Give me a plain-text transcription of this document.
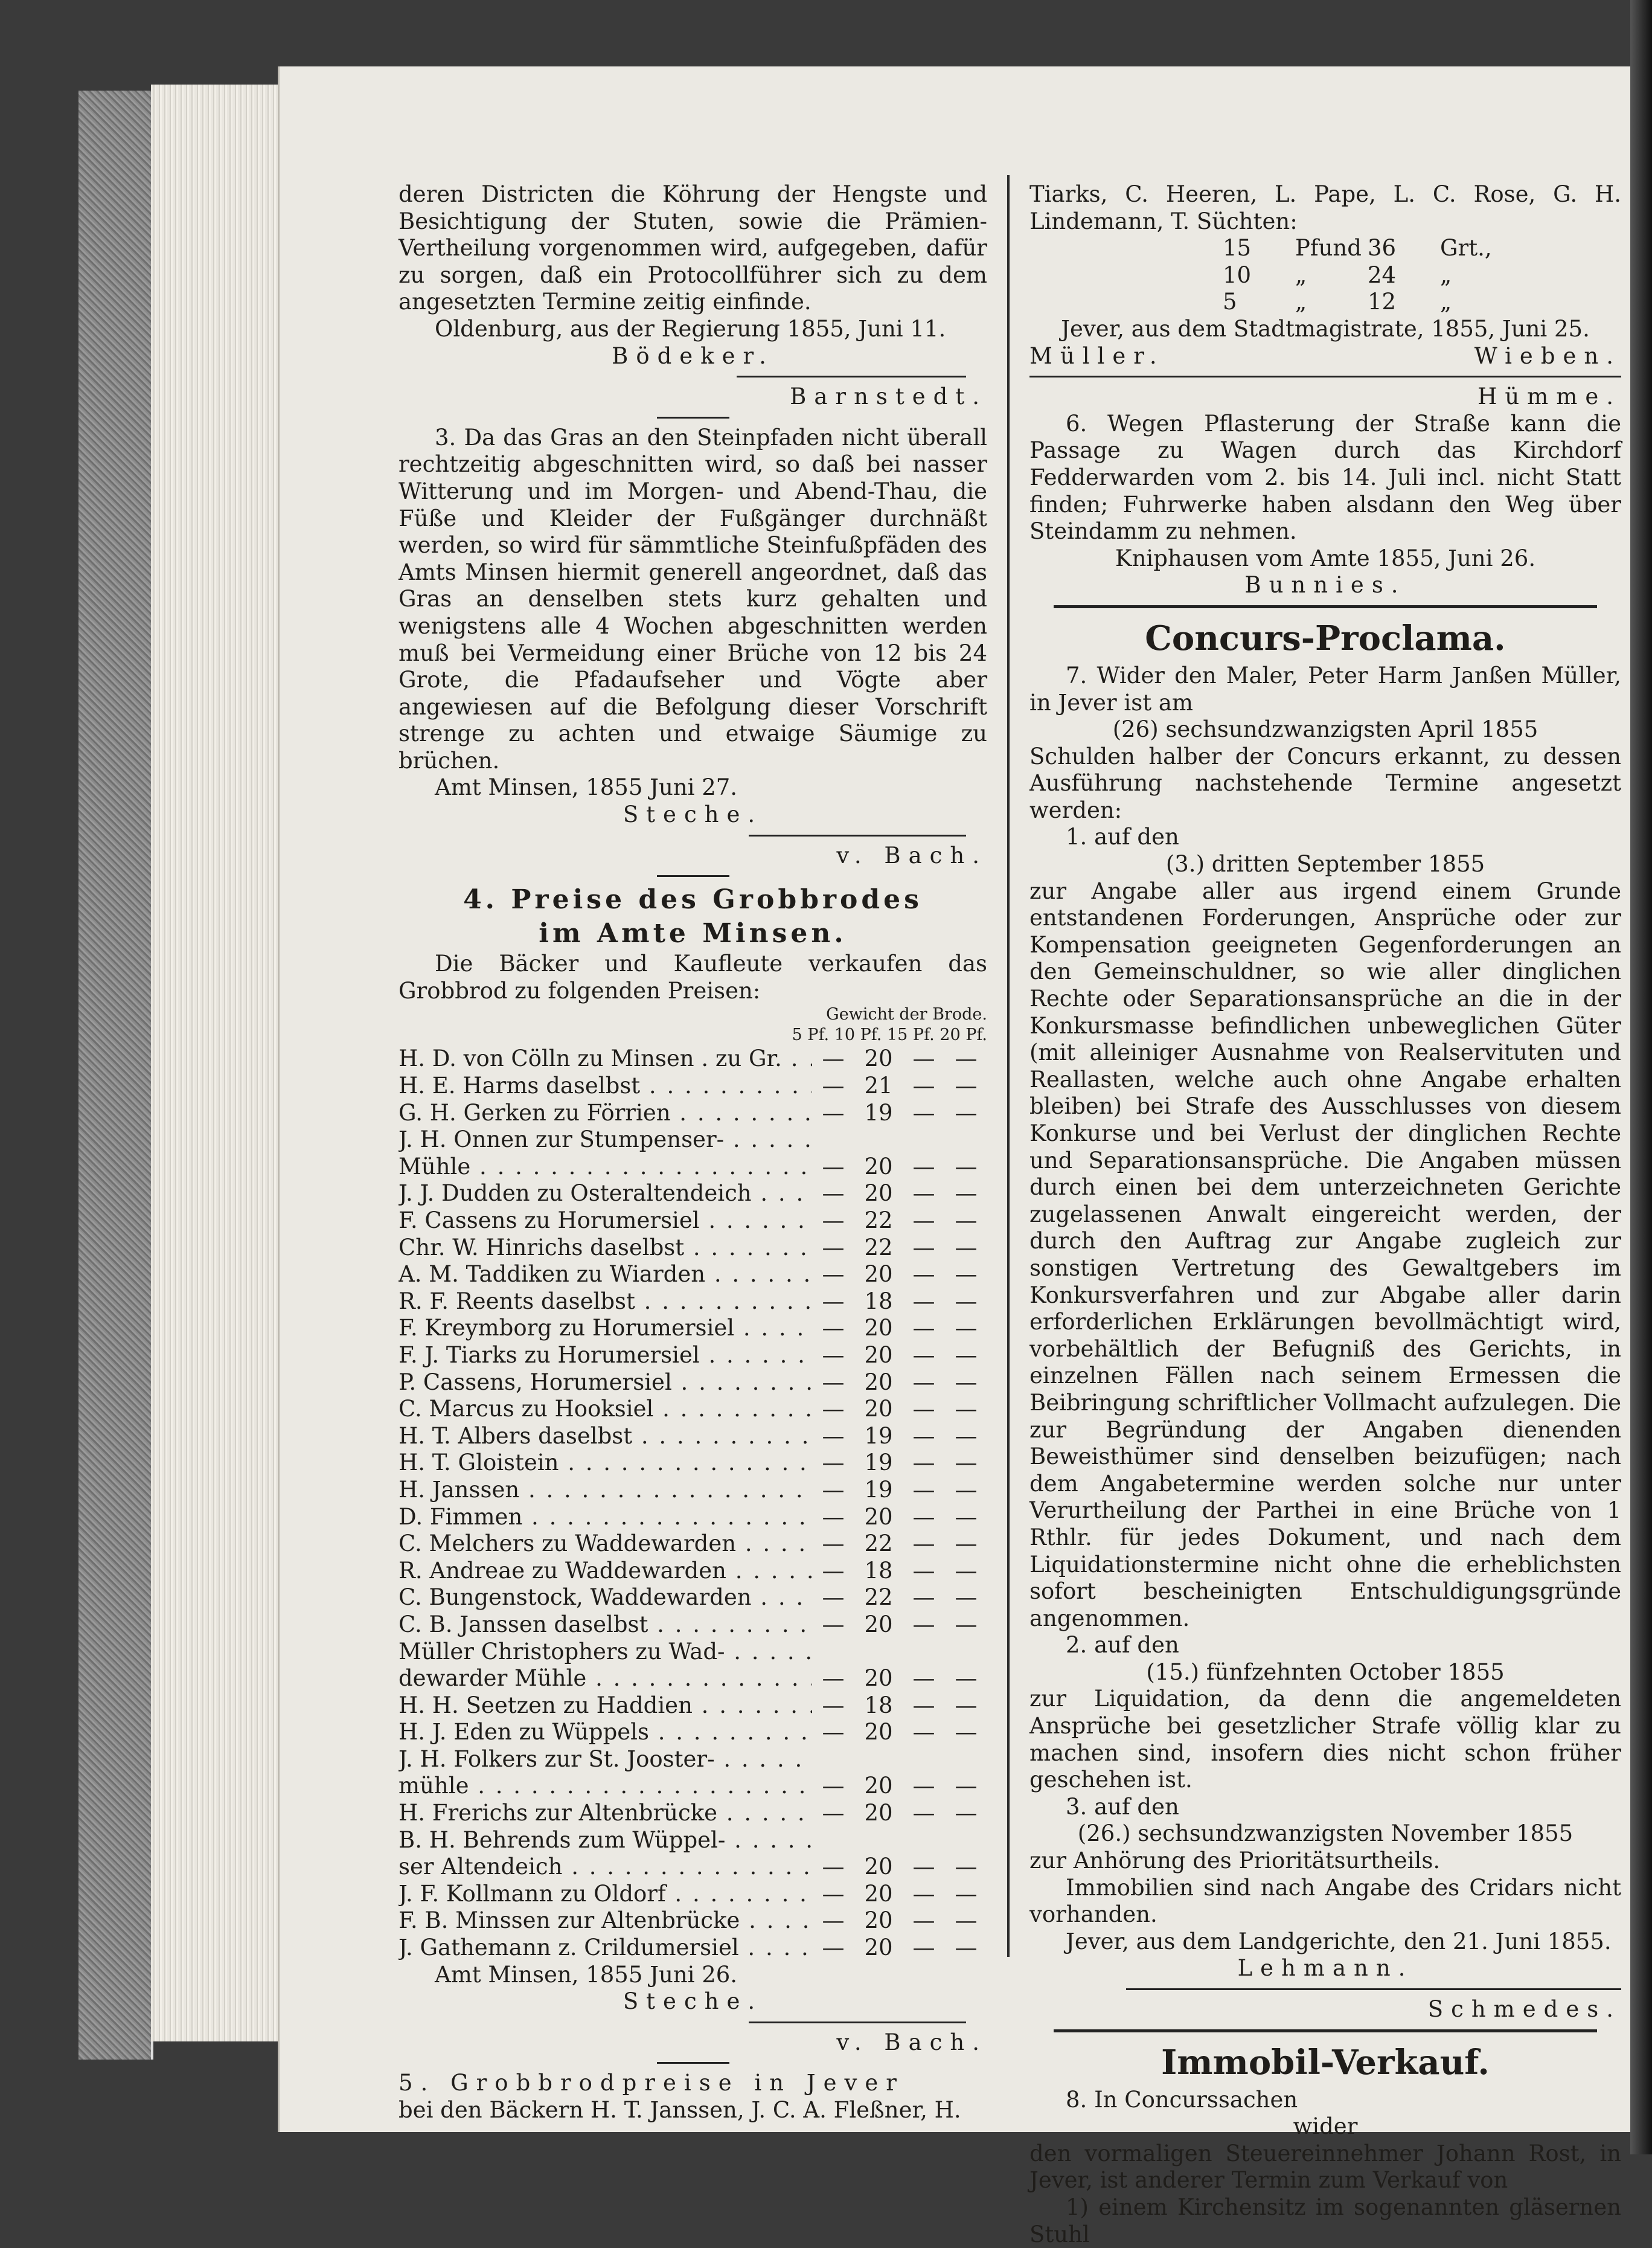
deren Districten die Köhrung der Hengste und Besichtigung der Stuten, sowie die Prämien-Vertheilung vorgenommen wird, aufgegeben, dafür zu sorgen, daß ein Protocollführer sich zu dem angesetzten Termine zeitig einfinde.

Oldenburg, aus der Regierung 1855, Juni 11.

Bödeker.

Barnstedt.

3. Da das Gras an den Steinpfaden nicht überall rechtzeitig abgeschnitten wird, so daß bei nasser Witterung und im Morgen- und Abend-Thau, die Füße und Kleider der Fußgänger durchnäßt werden, so wird für sämmtliche Steinfußpfäden des Amts Minsen hiermit generell angeordnet, daß das Gras an denselben stets kurz gehalten und wenigstens alle 4 Wochen abgeschnitten werden muß bei Vermeidung einer Brüche von 12 bis 24 Grote, die Pfadaufseher und Vögte aber angewiesen auf die Befolgung dieser Vorschrift strenge zu achten und etwaige Säumige zu brüchen.

Amt Minsen, 1855 Juni 27.

Steche.

v. Bach.

4. Preise des Grobbrodes

im Amte Minsen.

Die Bäcker und Kaufleute verkaufen das Grobbrod zu folgenden Preisen:

Gewicht der Brode.

5 Pf. 10 Pf. 15 Pf. 20 Pf.

H. D. von Cölln zu Minsen . zu Gr. . . .	— 20 — —
H. E. Harms daselbst . . .	— 21 — —
G. H. Gerken zu Förrien . . .	— 19 — —
J. H. Onnen zur Stumpenser- . . .
Mühle . . .	— 20 — —
J. J. Dudden zu Osteraltendeich . . .	— 20 — —
F. Cassens zu Horumersiel . . .	— 22 — —
Chr. W. Hinrichs daselbst . . .	— 22 — —
A. M. Taddiken zu Wiarden . . .	— 20 — —
R. F. Reents daselbst . . .	— 18 — —
F. Kreymborg zu Horumersiel . . .	— 20 — —
F. J. Tiarks zu Horumersiel . . .	— 20 — —
P. Cassens, Horumersiel . . .	— 20 — —
C. Marcus zu Hooksiel . . .	— 20 — —
H. T. Albers daselbst . . .	— 19 — —
H. T. Gloistein . . .	— 19 — —
H. Janssen . . .	— 19 — —
D. Fimmen . . .	— 20 — —
C. Melchers zu Waddewarden . . .	— 22 — —
R. Andreae zu Waddewarden . . .	— 18 — —
C. Bungenstock, Waddewarden . . .	— 22 — —
C. B. Janssen daselbst . . .	— 20 — —
Müller Christophers zu Wad- . . .
dewarder Mühle . . .	— 20 — —
H. H. Seetzen zu Haddien . . .	— 18 — —
H. J. Eden zu Wüppels . . .	— 20 — —
J. H. Folkers zur St. Jooster- . . .
mühle . . .	— 20 — —
H. Frerichs zur Altenbrücke . . .	— 20 — —
B. H. Behrends zum Wüppel- . . .
ser Altendeich . . .	— 20 — —
J. F. Kollmann zu Oldorf . . .	— 20 — —
F. B. Minssen zur Altenbrücke . . .	— 20 — —
J. Gathemann z. Crildumersiel . . .	— 20 — —

Amt Minsen, 1855 Juni 26.

Steche.

v. Bach.

5. Grobbrodpreise in Jever

bei den Bäckern H. T. Janssen, J. C. A. Fleßner, H.

Tiarks, C. Heeren, L. Pape, L. C. Rose, G. H. Lindemann, T. Süchten:

15	Pfund 36	Grt.,
10	„	24	„
5	„	12	„

Jever, aus dem Stadtmagistrate, 1855, Juni 25.

Müller.	Wieben.

Hümme.

6. Wegen Pflasterung der Straße kann die Passage zu Wagen durch das Kirchdorf Fedderwarden vom 2. bis 14. Juli incl. nicht Statt finden; Fuhrwerke haben alsdann den Weg über Steindamm zu nehmen.

Kniphausen vom Amte 1855, Juni 26.

Bunnies.

Concurs-Proclama.

7. Wider den Maler, Peter Harm Janßen Müller, in Jever ist am

(26) sechsundzwanzigsten April 1855

Schulden halber der Concurs erkannt, zu dessen Ausführung nachstehende Termine angesetzt werden:

1. auf den

(3.) dritten September 1855

zur Angabe aller aus irgend einem Grunde entstandenen Forderungen, Ansprüche oder zur Kompensation geeigneten Gegenforderungen an den Gemeinschuldner, so wie aller dinglichen Rechte oder Separationsansprüche an die in der Konkursmasse befindlichen unbeweglichen Güter (mit alleiniger Ausnahme von Realservituten und Reallasten, welche auch ohne Angabe erhalten bleiben) bei Strafe des Ausschlusses von diesem Konkurse und bei Verlust der dinglichen Rechte und Separationsansprüche. Die Angaben müssen durch einen bei dem unterzeichneten Gerichte zugelassenen Anwalt eingereicht werden, der durch den Auftrag zur Angabe zugleich zur sonstigen Vertretung des Gewaltgebers im Konkursverfahren und zur Abgabe aller darin erforderlichen Erklärungen bevollmächtigt wird, vorbehältlich der Befugniß des Gerichts, in einzelnen Fällen nach seinem Ermessen die Beibringung schriftlicher Vollmacht aufzulegen. Die zur Begründung der Angaben dienenden Beweisthümer sind denselben beizufügen; nach dem Angabetermine werden solche nur unter Verurtheilung der Parthei in eine Brüche von 1 Rthlr. für jedes Dokument, und nach dem Liquidationstermine nicht ohne die erheblichsten sofort bescheinigten Entschuldigungsgründe angenommen.

2. auf den

(15.) fünfzehnten October 1855

zur Liquidation, da denn die angemeldeten Ansprüche bei gesetzlicher Strafe völlig klar zu machen sind, insofern dies nicht schon früher geschehen ist.

3. auf den

(26.) sechsundzwanzigsten November 1855

zur Anhörung des Prioritätsurtheils.

Immobilien sind nach Angabe des Cridars nicht vorhanden.

Jever, aus dem Landgerichte, den 21. Juni 1855.

Lehmann.

Schmedes.

Immobil-Verkauf.

8. In Concurssachen

wider

den vormaligen Steuereinnehmer Johann Rost, in Jever, ist anderer Termin zum Verkauf von

1) einem Kirchensitz im sogenannten gläsernen Stuhl
